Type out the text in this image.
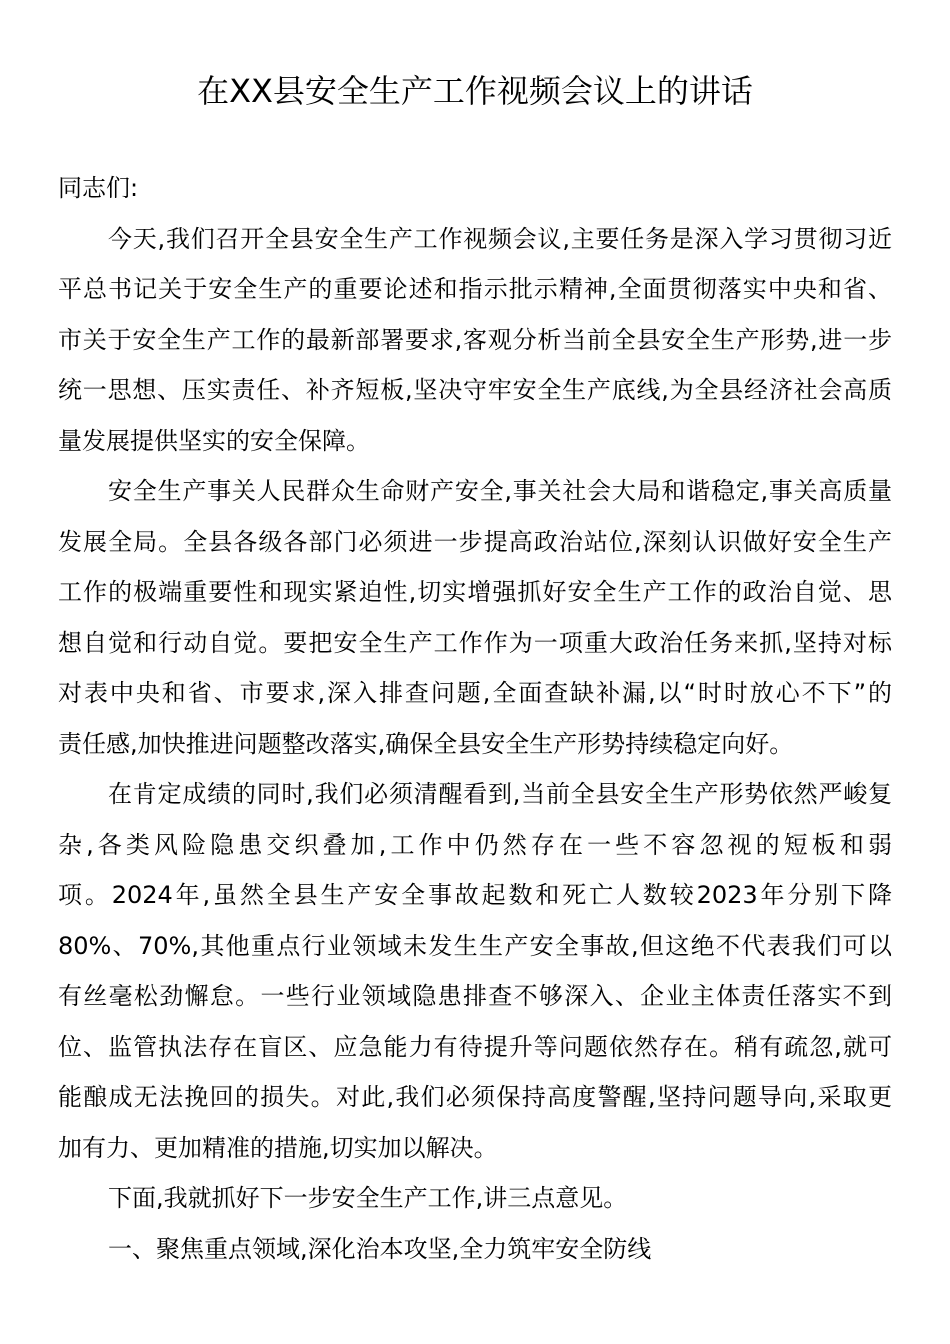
在XX县安全生产工作视频会议上的讲话
同志们:
今天,我们召开全县安全生产工作视频会议,主要任务是深入学习贯彻习近
平总书记关于安全生产的重要论述和指示批示精神,全面贯彻落实中央和省、
市关于安全生产工作的最新部署要求,客观分析当前全县安全生产形势,进一步
统一思想、压实责任、补齐短板,坚决守牢安全生产底线,为全县经济社会高质
量发展提供坚实的安全保障。
安全生产事关人民群众生命财产安全,事关社会大局和谐稳定,事关高质量
发展全局。全县各级各部门必须进一步提高政治站位,深刻认识做好安全生产
工作的极端重要性和现实紧迫性,切实增强抓好安全生产工作的政治自觉、思
想自觉和行动自觉。要把安全生产工作作为一项重大政治任务来抓,坚持对标
对表中央和省、市要求,深入排查问题,全面查缺补漏,以“时时放心不下”的
责任感,加快推进问题整改落实,确保全县安全生产形势持续稳定向好。
在肯定成绩的同时,我们必须清醒看到,当前全县安全生产形势依然严峻复
杂,各类风险隐患交织叠加,工作中仍然存在一些不容忽视的短板和弱
项。2024年,虽然全县生产安全事故起数和死亡人数较2023年分别下降
80%、70%,其他重点行业领域未发生生产安全事故,但这绝不代表我们可以
有丝毫松劲懈怠。一些行业领域隐患排查不够深入、企业主体责任落实不到
位、监管执法存在盲区、应急能力有待提升等问题依然存在。稍有疏忽,就可
能酿成无法挽回的损失。对此,我们必须保持高度警醒,坚持问题导向,采取更
加有力、更加精准的措施,切实加以解决。
下面,我就抓好下一步安全生产工作,讲三点意见。
一、聚焦重点领域,深化治本攻坚,全力筑牢安全防线
